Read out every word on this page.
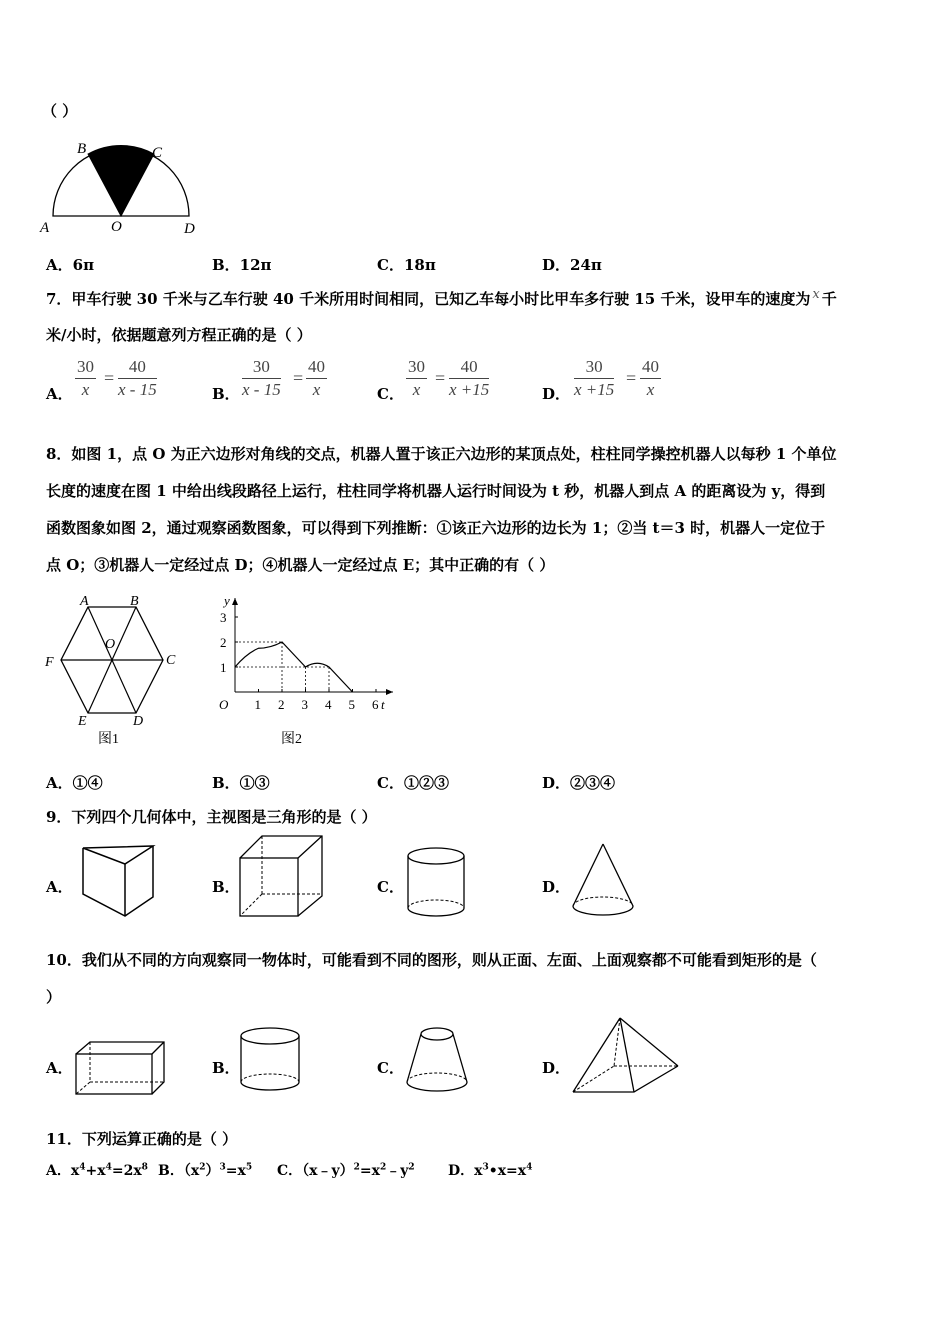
（ ）
A
B	C
O	D
A．6π	B．12π	C．18π	D．24π
7．甲车行驶 30 千米与乙车行驶 40 千米所用时间相同，已知乙车每小时比甲车多行驶 15 千米，设甲车的速度为 x 千
米/小时，依据题意列方程正确的是（ ）
A． $\frac{30}{x} = \frac{40}{x - 15}$	B． $\frac{30}{x - 15} = \frac{40}{x}$	C． $\frac{30}{x} = \frac{40}{x +15}$	D． $\frac{30}{x +15} = \frac{40}{x}$
8．如图 1，点 O 为正六边形对角线的交点，机器人置于该正六边形的某顶点处，柱柱同学操控机器人以每秒 1 个单位
长度的速度在图 1 中给出线段路径上运行，柱柱同学将机器人运行时间设为 t 秒，机器人到点 A 的距离设为 y，得到
函数图象如图 2，通过观察函数图象，可以得到下列推断：①该正六边形的边长为 1；②当 t＝3 时，机器人一定位于
点 O；③机器人一定经过点 D；④机器人一定经过点 E；其中正确的有（ ）
A	B
C
D
E
F
O
图1
y
t
O 1 2 3 4 5 6
1
2
3
图2
A．①④	B．①③	C．①②③	D．②③④
9．下列四个几何体中，主视图是三角形的是（ ）
A．	B．	C．	D．
10．我们从不同的方向观察同一物体时，可能看到不同的图形，则从正面、左面、上面观察都不可能看到矩形的是（
）
A．	B．	C．	D．
11．下列运算正确的是（ ）
A．$x^4+x^4=2x^8$ B．$(x^2)^3=x^5$ C．$(x﹣y)^2=x^2﹣y^2$ D．$x^3•x=x^4$
